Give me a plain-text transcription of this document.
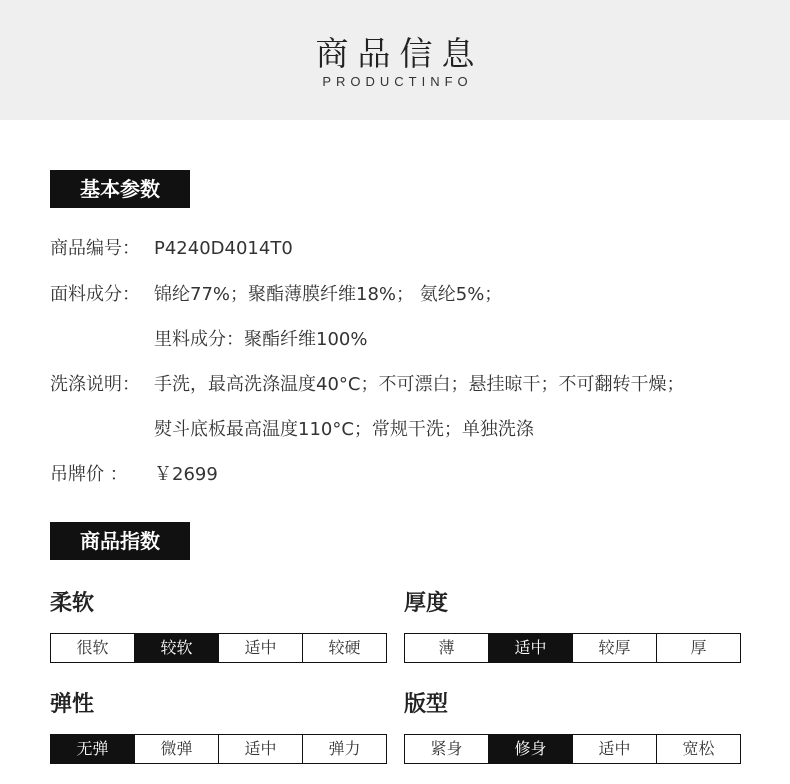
商品信息
PRODUCTINFO
基本参数
商品编号： P4240D4014T0
面料成分： 锦纶77%；聚酯薄膜纤维18%； 氨纶5%；
里料成分：聚酯纤维100%
洗涤说明： 手洗，最高洗涤温度40°C；不可漂白；悬挂晾干；不可翻转干燥；
熨斗底板最高温度110°C；常规干洗；单独洗涤
吊牌价 ： ￥2699
商品指数
柔软
很软	较软	适中	较硬
厚度
薄	适中	较厚	厚
弹性
无弹	微弹	适中	弹力
版型
紧身	修身	适中	宽松
